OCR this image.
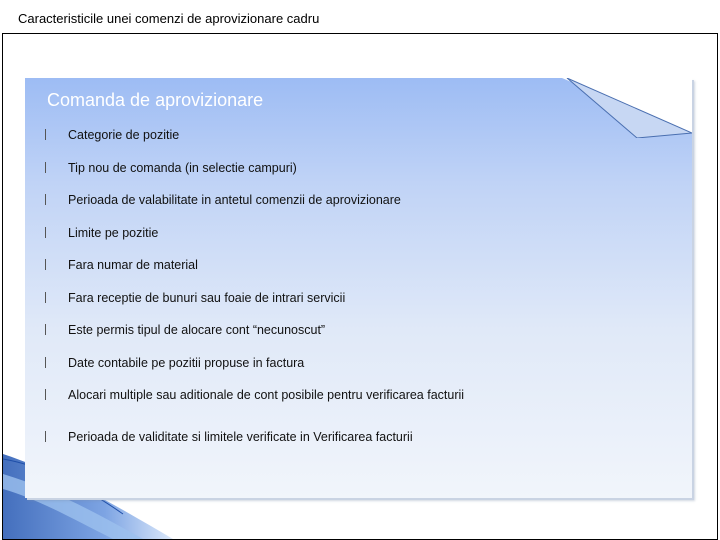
Caracteristicile unei comenzi de aprovizionare cadru
Comanda de aprovizionare
Categorie de pozitie
Tip nou de comanda (in selectie campuri)
Perioada de valabilitate in antetul comenzii de aprovizionare
Limite pe pozitie
Fara numar de material
Fara receptie de bunuri sau foaie de intrari servicii
Este permis tipul de alocare cont “necunoscut”
Date contabile pe pozitii propuse in factura
Alocari multiple sau aditionale de cont posibile pentru verificarea facturii
Perioada de validitate si limitele verificate in Verificarea facturii
